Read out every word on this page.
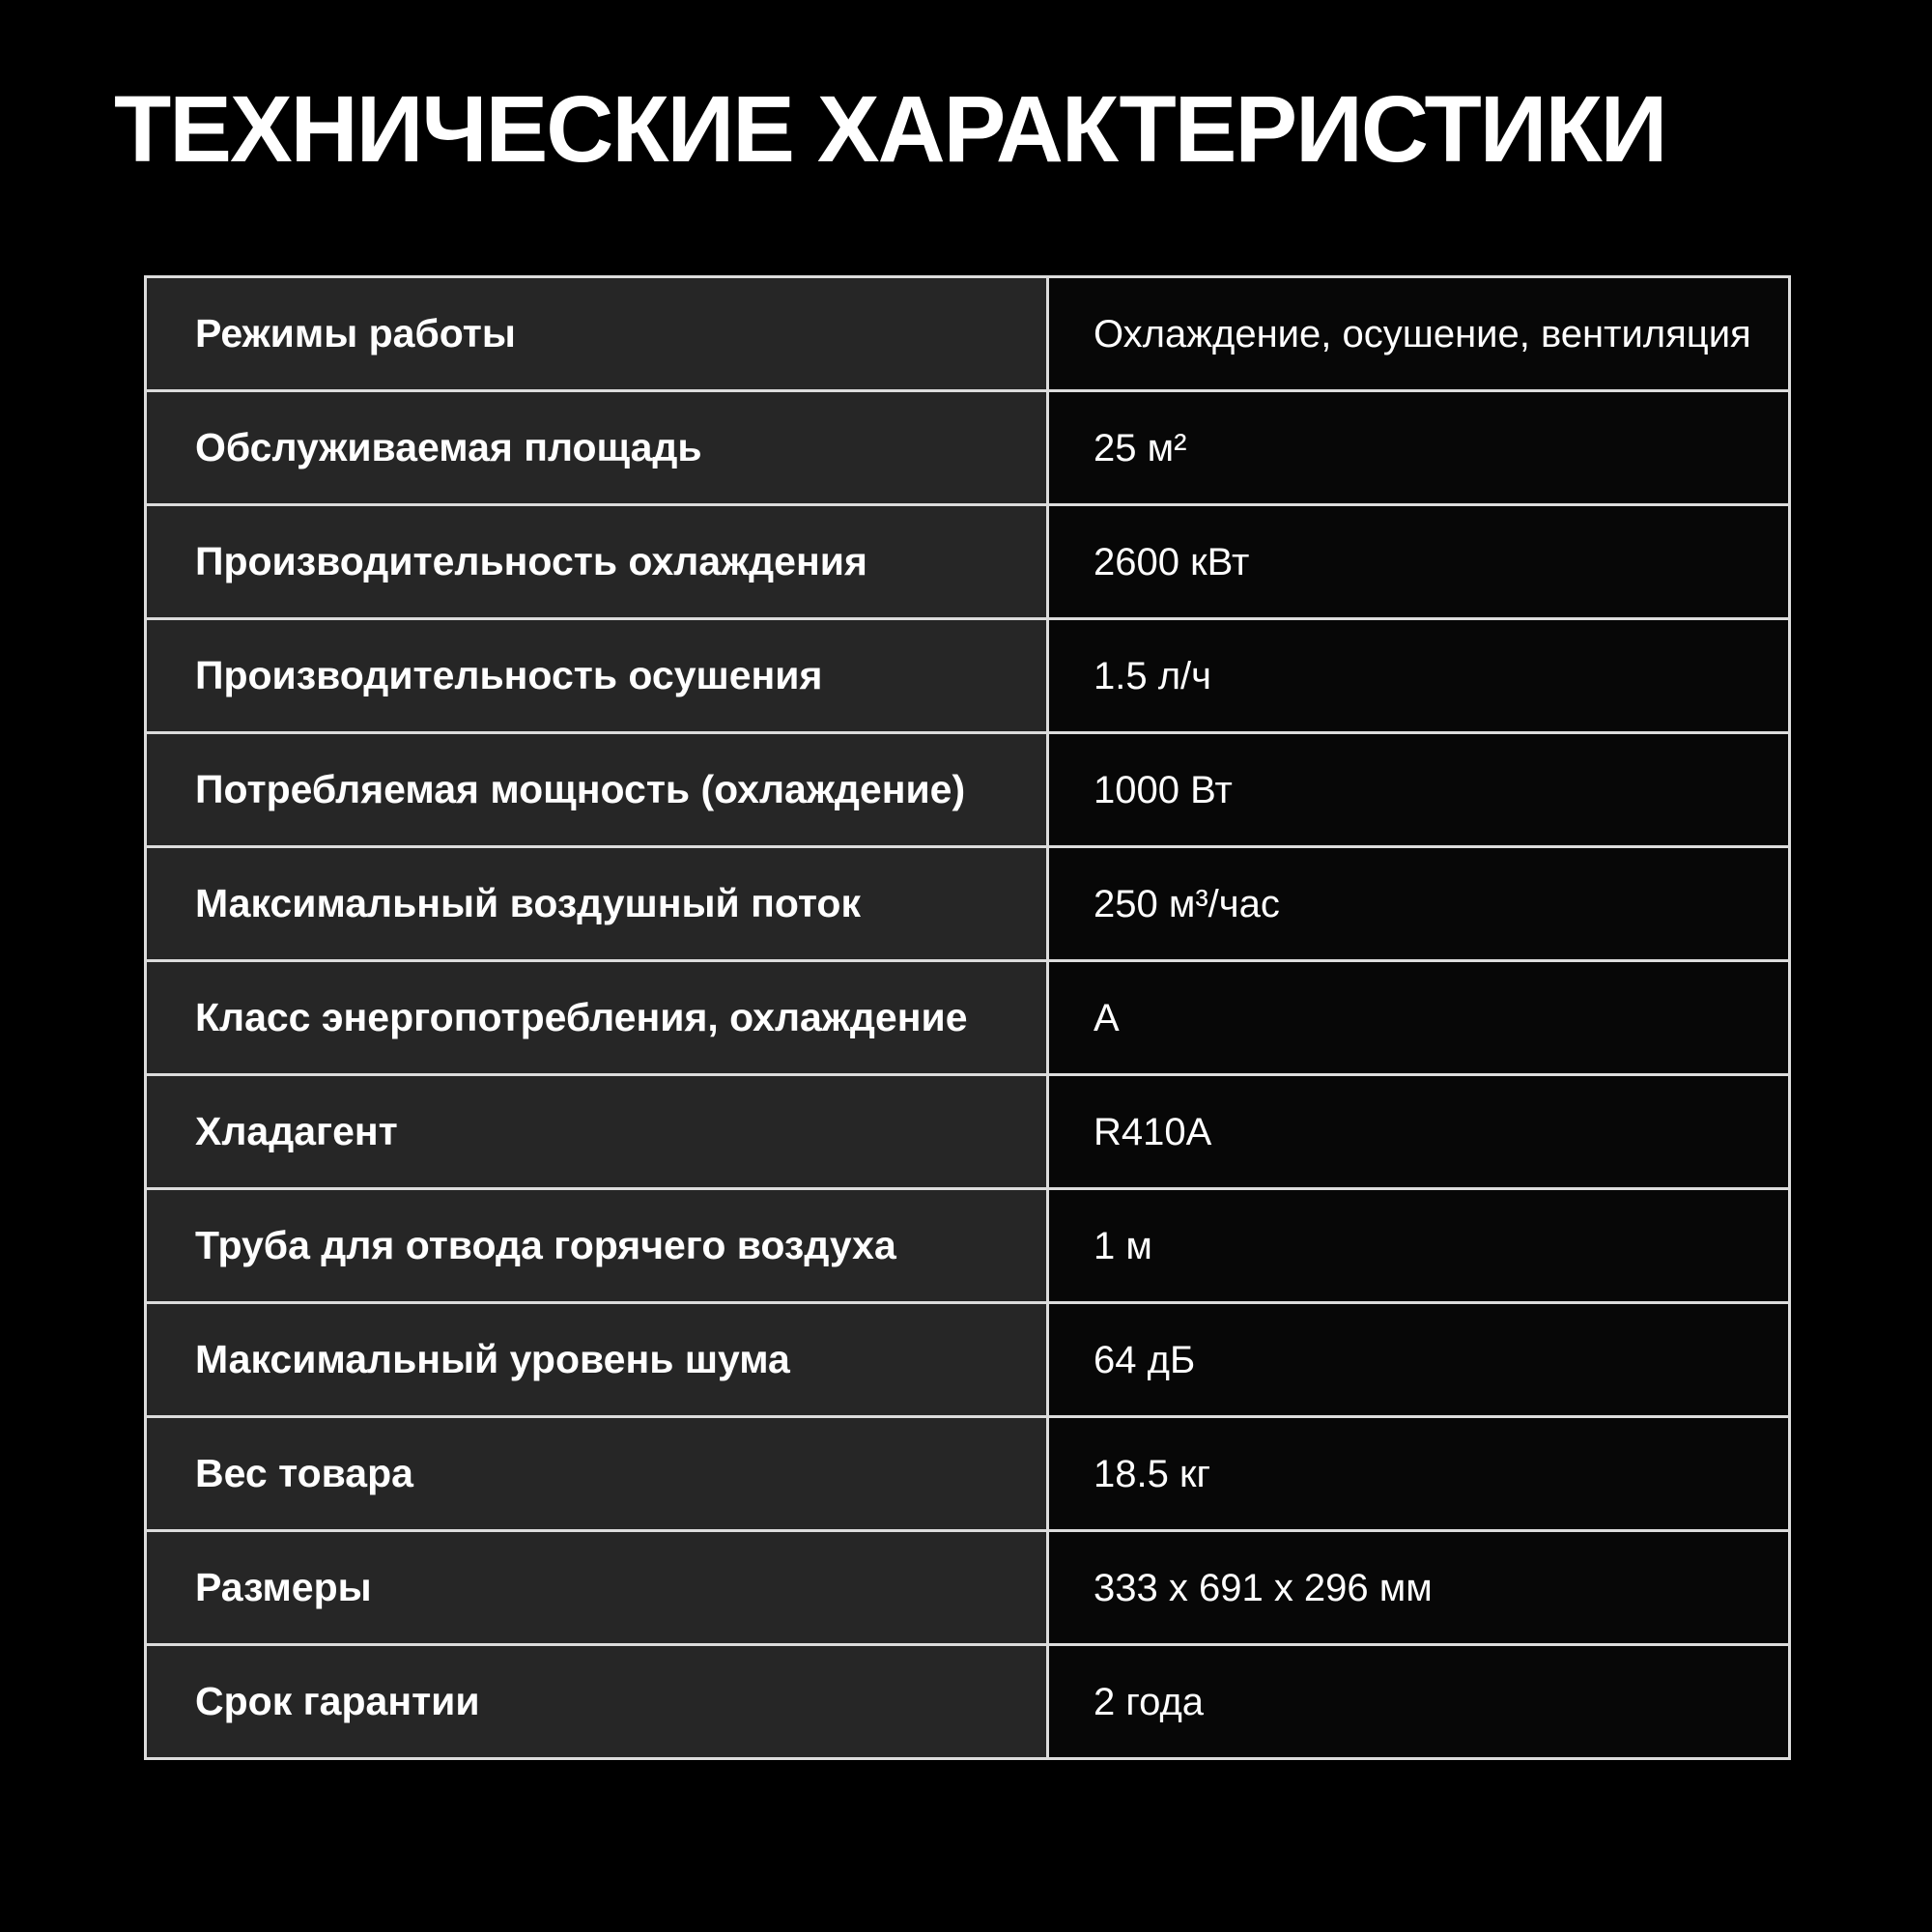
ТЕХНИЧЕСКИЕ ХАРАКТЕРИСТИКИ
Режимы работы	Охлаждение, осушение, вентиляция
Обслуживаемая площадь	25 м²
Производительность охлаждения	2600 кВт
Производительность осушения	1.5 л/ч
Потребляемая мощность (охлаждение)	1000 Вт
Максимальный воздушный поток	250 м³/час
Класс энергопотребления, охлаждение	А
Хладагент	R410A
Труба для отвода горячего воздуха	1 м
Максимальный уровень шума	64 дБ
Вес товара	18.5 кг
Размеры	333 x 691 x 296 мм
Срок гарантии	2 года
